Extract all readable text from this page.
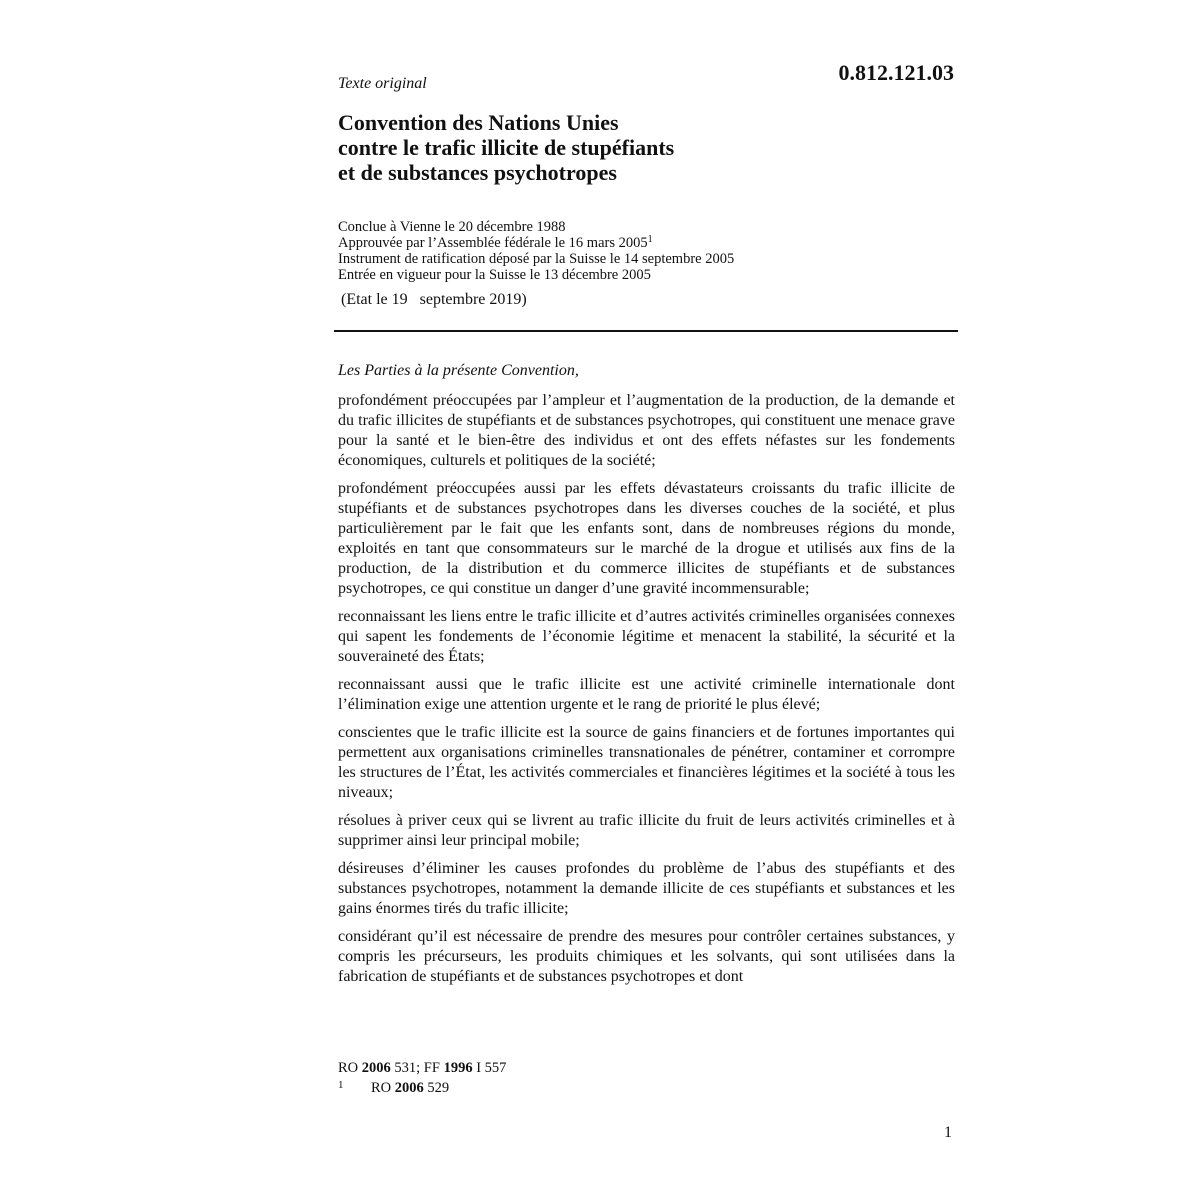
Texte original	0.812.121.03
Convention des Nations Unies
contre le trafic illicite de stupéfiants
et de substances psychotropes
Conclue à Vienne le 20 décembre 1988
Approuvée par l’Assemblée fédérale le 16 mars 2005$^1$
Instrument de ratification déposé par la Suisse le 14 septembre 2005
Entrée en vigueur pour la Suisse le 13 décembre 2005
(Etat le 19   septembre 2019)

Les Parties à la présente Convention,

profondément préoccupées par l’ampleur et l’augmentation de la production, de la demande et du trafic illicites de stupéfiants et de substances psychotropes, qui constituent une menace grave pour la santé et le bien-être des individus et ont des effets néfastes sur les fondements économiques, culturels et politiques de la société;

profondément préoccupées aussi par les effets dévastateurs croissants du trafic illicite de stupéfiants et de substances psychotropes dans les diverses couches de la société, et plus particulièrement par le fait que les enfants sont, dans de nombreuses régions du monde, exploités en tant que consommateurs sur le marché de la drogue et utilisés aux fins de la production, de la distribution et du commerce illicites de stupéfiants et de substances psychotropes, ce qui constitue un danger d’une gravité incommensurable;

reconnaissant les liens entre le trafic illicite et d’autres activités criminelles organisées connexes qui sapent les fondements de l’économie légitime et menacent la stabilité, la sécurité et la souveraineté des États;

reconnaissant aussi que le trafic illicite est une activité criminelle internationale dont l’élimination exige une attention urgente et le rang de priorité le plus élevé;

conscientes que le trafic illicite est la source de gains financiers et de fortunes importantes qui permettent aux organisations criminelles transnationales de pénétrer, contaminer et corrompre les structures de l’État, les activités commerciales et financières légitimes et la société à tous les niveaux;

résolues à priver ceux qui se livrent au trafic illicite du fruit de leurs activités criminelles et à supprimer ainsi leur principal mobile;

désireuses d’éliminer les causes profondes du problème de l’abus des stupéfiants et des substances psychotropes, notamment la demande illicite de ces stupéfiants et substances et les gains énormes tirés du trafic illicite;

considérant qu’il est nécessaire de prendre des mesures pour contrôler certaines substances, y compris les précurseurs, les produits chimiques et les solvants, qui sont utilisées dans la fabrication de stupéfiants et de substances psychotropes et dont

RO 2006 531; FF 1996 I 557
1 RO 2006 529
1
